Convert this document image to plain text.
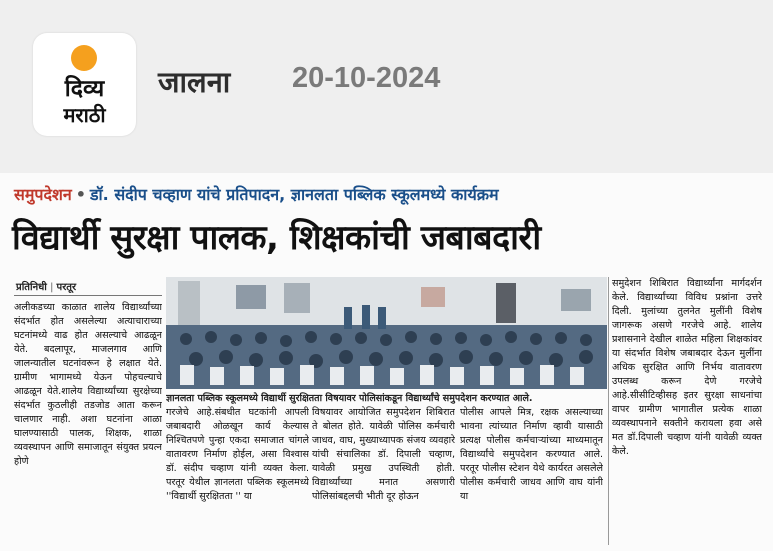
दिव्य
मराठी
जालना 20-10-2024
समुपदेशन • डॉ. संदीप चव्हाण यांचे प्रतिपादन, ज्ञानलता पब्लिक स्कूलमध्ये कार्यक्रम
विद्यार्थी सुरक्षा पालक, शिक्षकांची जबाबदारी
प्रतिनिधी | परतूर
ज्ञानलता पब्लिक स्कूलमध्ये विद्यार्थी सुरक्षितता विषयावर पोलिसांकडून विद्यार्थ्यांचे समुपदेशन करण्यात आले.
अलीकडच्या काळात शालेय विद्यार्थ्यांच्या संदर्भात होत असलेल्या अत्याचाराच्या घटनांमध्ये वाढ होत असल्याचे आढळून येते. बदलापूर, माजलगाव आणि जालन्यातील घटनांवरून हे लक्षात येते. ग्रामीण भागामध्ये येऊन पोहचल्याचे आढळून येते.शालेय विद्यार्थ्यांच्या सुरक्षेच्या संदर्भात कुठलीही तडजोड आता करून चालणार नाही. अशा घटनांना आळा घालण्यासाठी पालक, शिक्षक, शाळा व्यवस्थापन आणि समाजातून संयुक्त प्रयत्न होणे
गरजेचे आहे.संबधीत घटकांनी आपली जबाबदारी ओळखून कार्य केल्यास निश्चितपणे पुन्हा एकदा समाजात चांगले वातावरण निर्माण होईल, असा विश्वास डॉ. संदीप चव्हाण यांनी व्यक्त केला. परतूर येथील ज्ञानलता पब्लिक स्कूलमध्ये ''विद्यार्थी सुरक्षितता '' या
विषयावर आयोजित समुपदेशन शिबिरात ते बोलत होते. यावेळी पोलिस कर्मचारी जाधव, वाघ, मुख्याध्यापक संजय व्यवहारे यांची संचालिका डॉ. दिपाली चव्हाण, यावेळी प्रमुख उपस्थिती होती. विद्यार्थ्यांच्या मनात असणारी पोलिसांबद्दलची भीती दूर होऊन
पोलीस आपले मित्र, रक्षक असल्याच्या भावना त्यांच्यात निर्माण व्हावी यासाठी प्रत्यक्ष पोलीस कर्मचाऱ्यांच्या माध्यमातून विद्यार्थ्यांचे समुपदेशन करण्यात आले. परतूर पोलीस स्टेशन येथे कार्यरत असलेले पोलीस कर्मचारी जाधव आणि वाघ यांनी या
समुदेशन शिबिरात विद्यार्थ्यांना मार्गदर्शन केले. विद्यार्थ्यांच्या विविध प्रश्नांना उत्तरे दिली. मुलांच्या तुलनेत मुलींनी विशेष जागरूक असणे गरजेचे आहे. शालेय प्रशासनाने देखील शाळेत महिला शिक्षकांवर या संदर्भात विशेष जबाबदार देऊन मुलींना अधिक सुरक्षित आणि निर्भय वातावरण उपलब्ध करून देणे गरजेचे आहे.सीसीटिव्हीसह इतर सुरक्षा साधनांचा वापर ग्रामीण भागातील प्रत्येक शाळा व्यवस्थापनाने सक्तीने करायला हवा असे मत डॉ.दिपाली चव्हाण यांनी यावेळी व्यक्त केले.
